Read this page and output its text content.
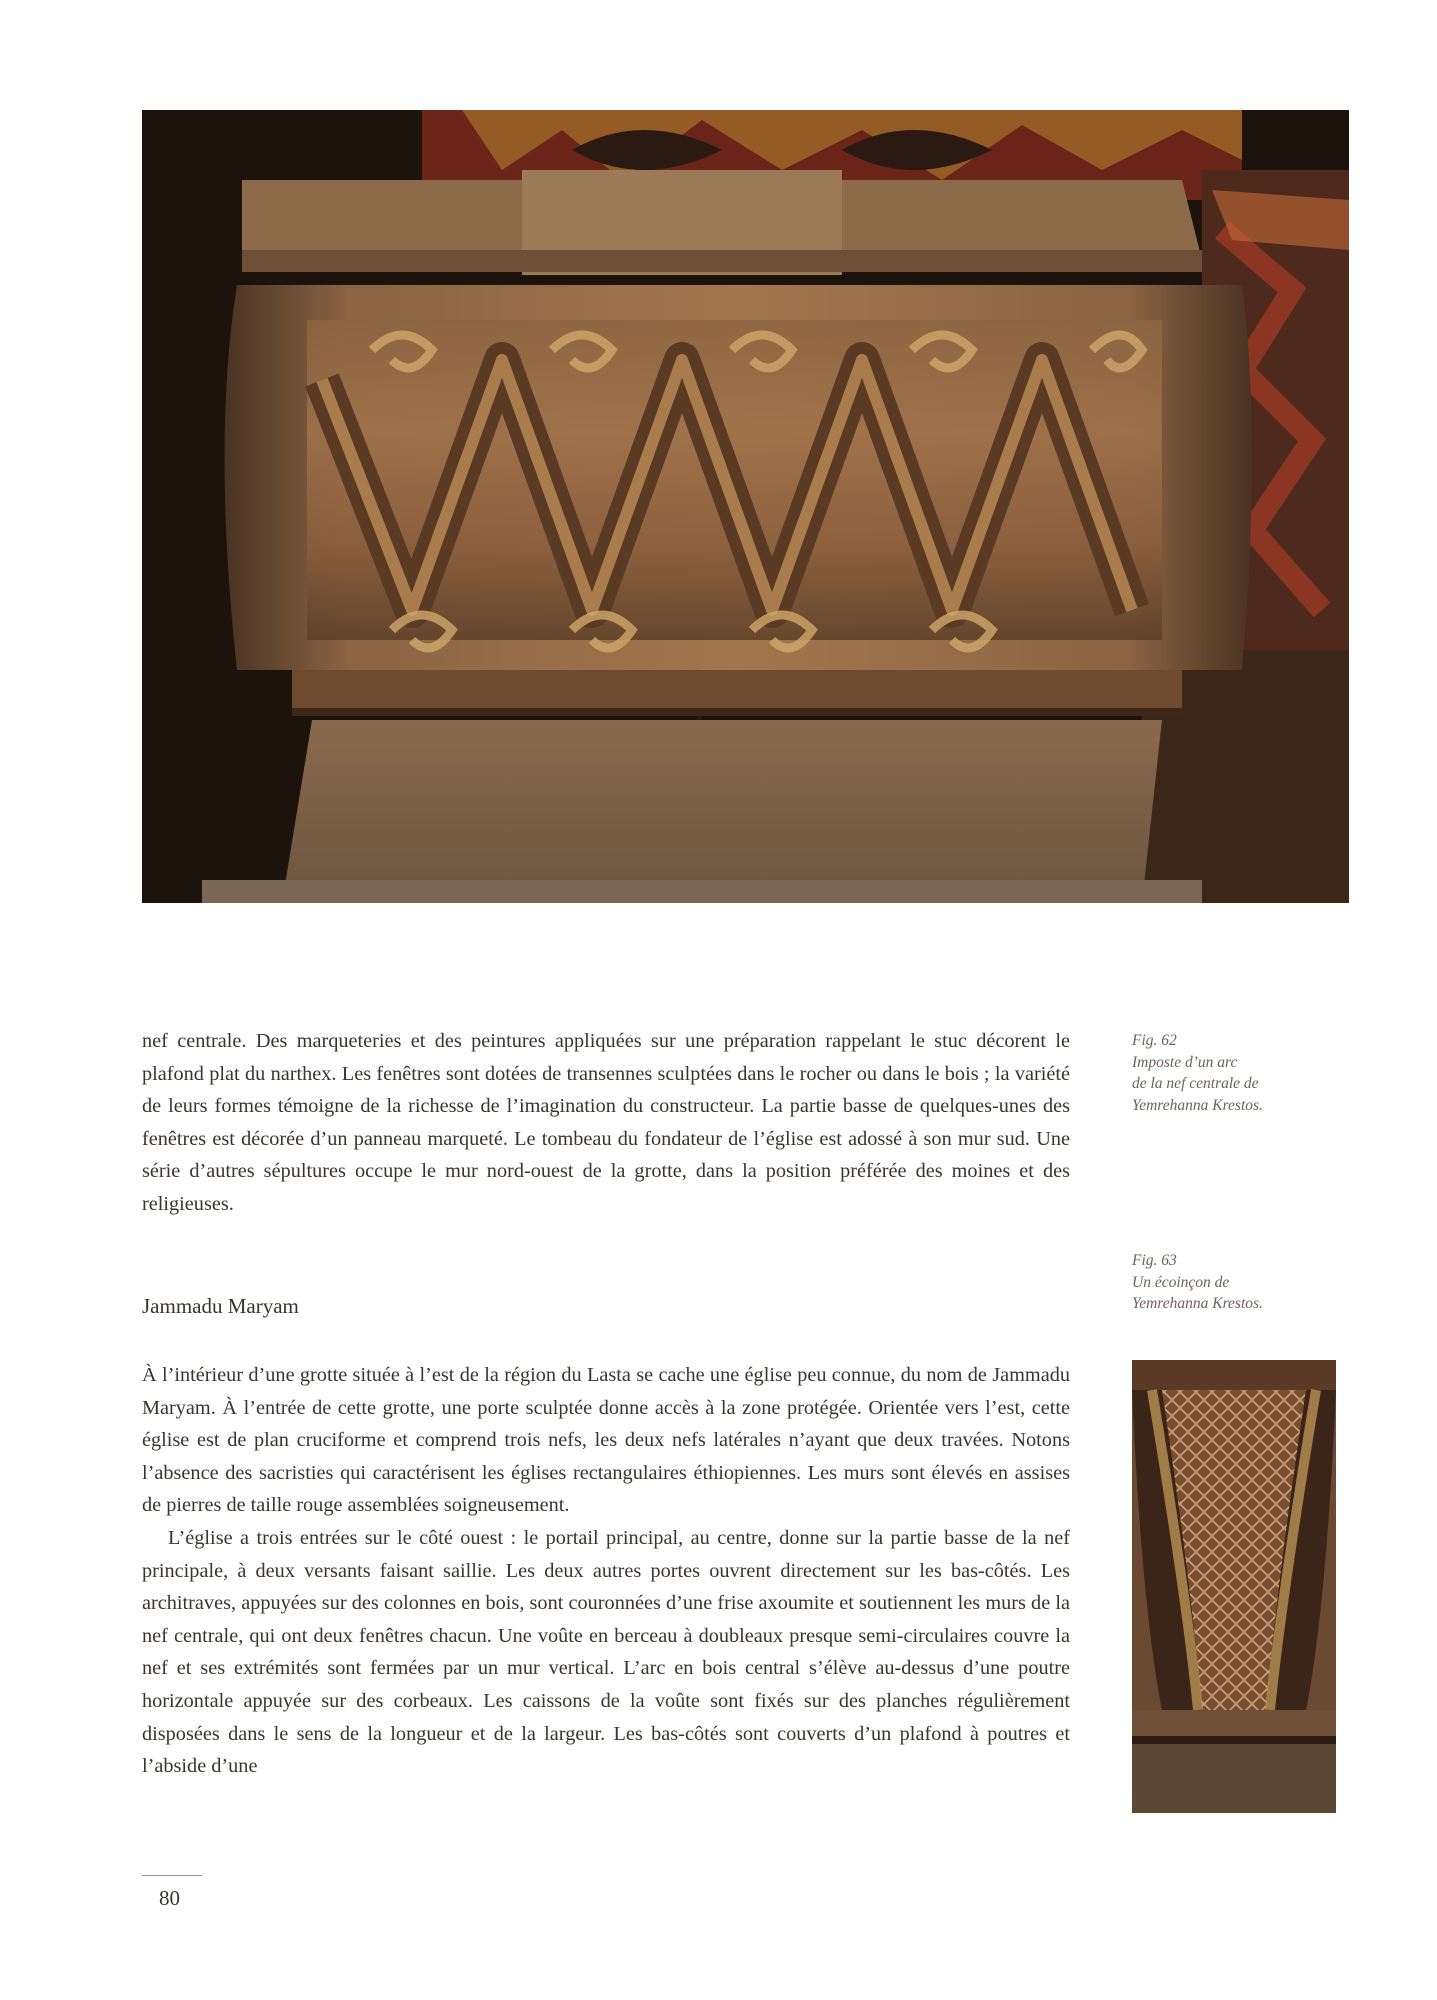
nef centrale. Des marqueteries et des peintures appliquées sur une préparation rappelant le stuc décorent le plafond plat du narthex. Les fenêtres sont dotées de transennes sculptées dans le rocher ou dans le bois ; la variété de leurs formes témoigne de la richesse de l’imagination du constructeur. La partie basse de quelques-unes des fenêtres est décorée d’un panneau marqueté. Le tombeau du fondateur de l’église est adossé à son mur sud. Une série d’autres sépultures occupe le mur nord-ouest de la grotte, dans la position préférée des moines et des religieuses.

Fig. 62
Imposte d’un arc
de la nef centrale de
Yemrehanna Krestos.
Fig. 63
Un écoinçon de
Yemrehanna Krestos.
Jammadu Maryam

À l’intérieur d’une grotte située à l’est de la région du Lasta se cache une église peu connue, du nom de Jammadu Maryam. À l’entrée de cette grotte, une porte sculptée donne accès à la zone protégée. Orientée vers l’est, cette église est de plan cruciforme et comprend trois nefs, les deux nefs latérales n’ayant que deux travées. Notons l’absence des sacristies qui caractérisent les églises rectangulaires éthiopiennes. Les murs sont élevés en assises de pierres de taille rouge assemblées soigneusement.

L’église a trois entrées sur le côté ouest : le portail principal, au centre, donne sur la partie basse de la nef principale, à deux versants faisant saillie. Les deux autres portes ouvrent directement sur les bas-côtés. Les architraves, appuyées sur des colonnes en bois, sont couronnées d’une frise axoumite et soutiennent les murs de la nef centrale, qui ont deux fenêtres chacun. Une voûte en berceau à doubleaux presque semi-circulaires couvre la nef et ses extrémités sont fermées par un mur vertical. L’arc en bois central s’élève au-dessus d’une poutre horizontale appuyée sur des corbeaux. Les caissons de la voûte sont fixés sur des planches régulièrement disposées dans le sens de la longueur et de la largeur. Les bas-côtés sont couverts d’un plafond à poutres et l’abside d’une

80
